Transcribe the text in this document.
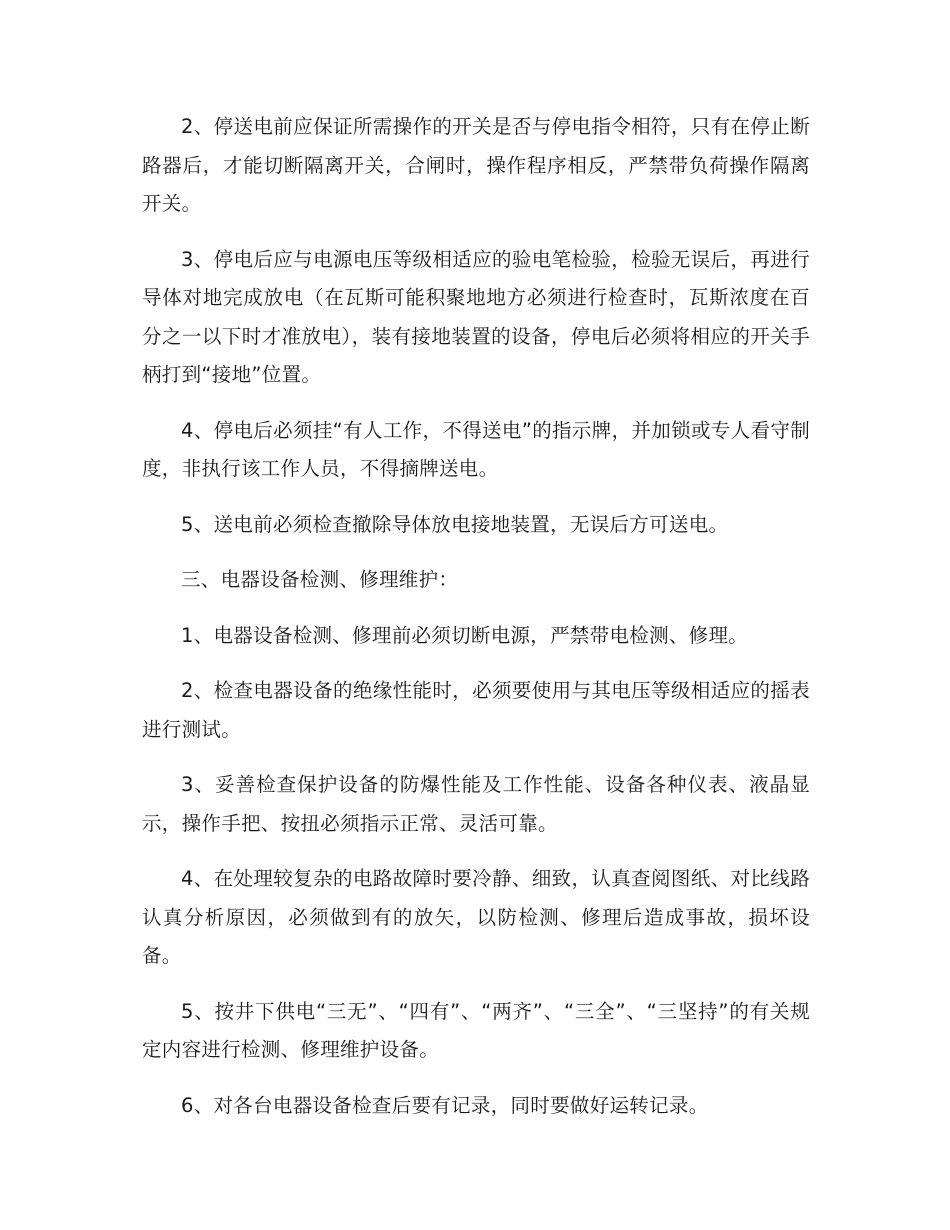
2、停送电前应保证所需操作的开关是否与停电指令相符，只有在停止断路器后，才能切断隔离开关，合闸时，操作程序相反，严禁带负荷操作隔离开关。

3、停电后应与电源电压等级相适应的验电笔检验，检验无误后，再进行导体对地完成放电（在瓦斯可能积聚地地方必须进行检查时，瓦斯浓度在百分之一以下时才准放电），装有接地装置的设备，停电后必须将相应的开关手柄打到“接地”位置。

4、停电后必须挂“有人工作，不得送电”的指示牌，并加锁或专人看守制度，非执行该工作人员，不得摘牌送电。

5、送电前必须检查撤除导体放电接地装置，无误后方可送电。

三、电器设备检测、修理维护：

1、电器设备检测、修理前必须切断电源，严禁带电检测、修理。

2、检查电器设备的绝缘性能时，必须要使用与其电压等级相适应的摇表进行测试。

3、妥善检查保护设备的防爆性能及工作性能、设备各种仪表、液晶显示，操作手把、按扭必须指示正常、灵活可靠。

4、在处理较复杂的电路故障时要冷静、细致，认真查阅图纸、对比线路认真分析原因，必须做到有的放矢，以防检测、修理后造成事故，损坏设备。

5、按井下供电“三无”、“四有”、“两齐”、“三全”、“三坚持”的有关规定内容进行检测、修理维护设备。

6、对各台电器设备检查后要有记录，同时要做好运转记录。
